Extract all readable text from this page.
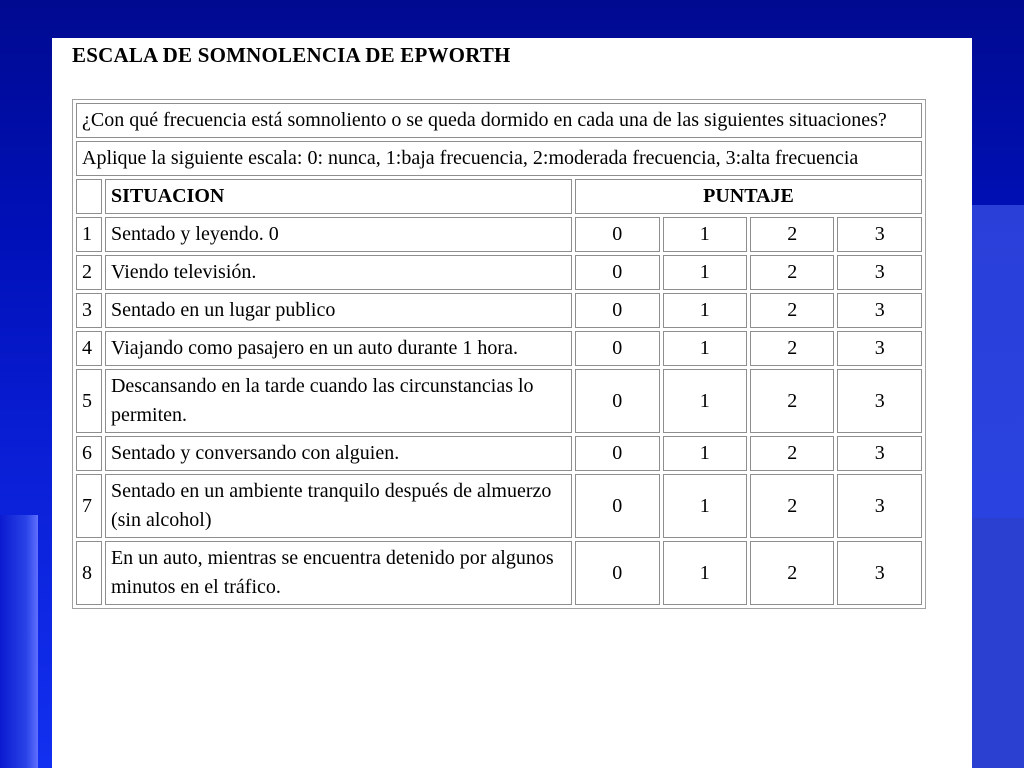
ESCALA DE SOMNOLENCIA DE EPWORTH
¿Con qué frecuencia está somnoliento o se queda dormido en cada una de las siguientes situaciones?					
Aplique la siguiente escala: 0: nunca, 1:baja frecuencia, 2:moderada frecuencia, 3:alta frecuencia					
	SITUACION	PUNTAJE			
1	Sentado y leyendo. 0	0	1	2	3
2	Viendo televisión.	0	1	2	3
3	Sentado en un lugar publico	0	1	2	3
4	Viajando como pasajero en un auto durante 1 hora.	0	1	2	3
5	Descansando en la tarde cuando las circunstancias lo permiten.	0	1	2	3
6	Sentado y conversando con alguien.	0	1	2	3
7	Sentado en un ambiente tranquilo después de almuerzo (sin alcohol)	0	1	2	3
8	En un auto, mientras se encuentra detenido por algunos minutos en el tráfico.	0	1	2	3
